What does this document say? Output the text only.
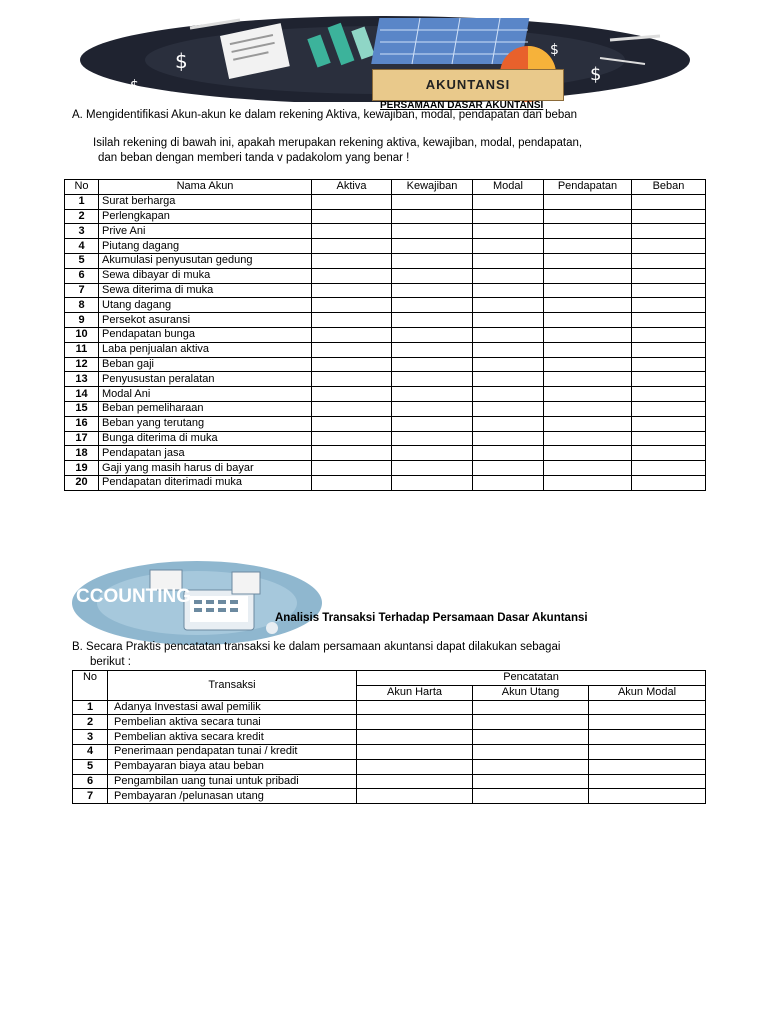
$
$
$
$
AKUNTANSI
PERSAMAAN DASAR AKUNTANSI
A. Mengidentifikasi Akun-akun ke dalam rekening Aktiva, kewajiban, modal, pendapatan dan beban
Isilah rekening di bawah ini, apakah merupakan rekening aktiva, kewajiban, modal, pendapatan,
dan beban dengan memberi tanda v padakolom yang benar !
No	Nama Akun	Aktiva	Kewajiban	Modal	Pendapatan	Beban
1	Surat berharga					
2	Perlengkapan					
3	Prive Ani					
4	Piutang dagang					
5	Akumulasi penyusutan gedung					
6	Sewa dibayar di muka					
7	Sewa diterima di muka					
8	Utang dagang					
9	Persekot asuransi					
10	Pendapatan bunga					
11	Laba penjualan aktiva					
12	Beban gaji					
13	Penyusustan peralatan					
14	Modal Ani					
15	Beban pemeliharaan					
16	Beban yang terutang					
17	Bunga diterima di muka					
18	Pendapatan jasa					
19	Gaji yang masih harus di bayar					
20	Pendapatan diterimadi muka					
CCOUNTING
Analisis Transaksi Terhadap Persamaan Dasar Akuntansi
B. Secara Praktis pencatatan transaksi ke dalam persamaan akuntansi dapat dilakukan sebagai
berikut :
No	Transaksi	Pencatatan		
		Akun Harta	Akun Utang	Akun Modal
1	Adanya Investasi awal pemilik			
2	Pembelian aktiva secara tunai			
3	Pembelian aktiva secara kredit			
4	Penerimaan pendapatan tunai / kredit			
5	Pembayaran biaya atau beban			
6	Pengambilan uang tunai untuk pribadi			
7	Pembayaran /pelunasan utang			
